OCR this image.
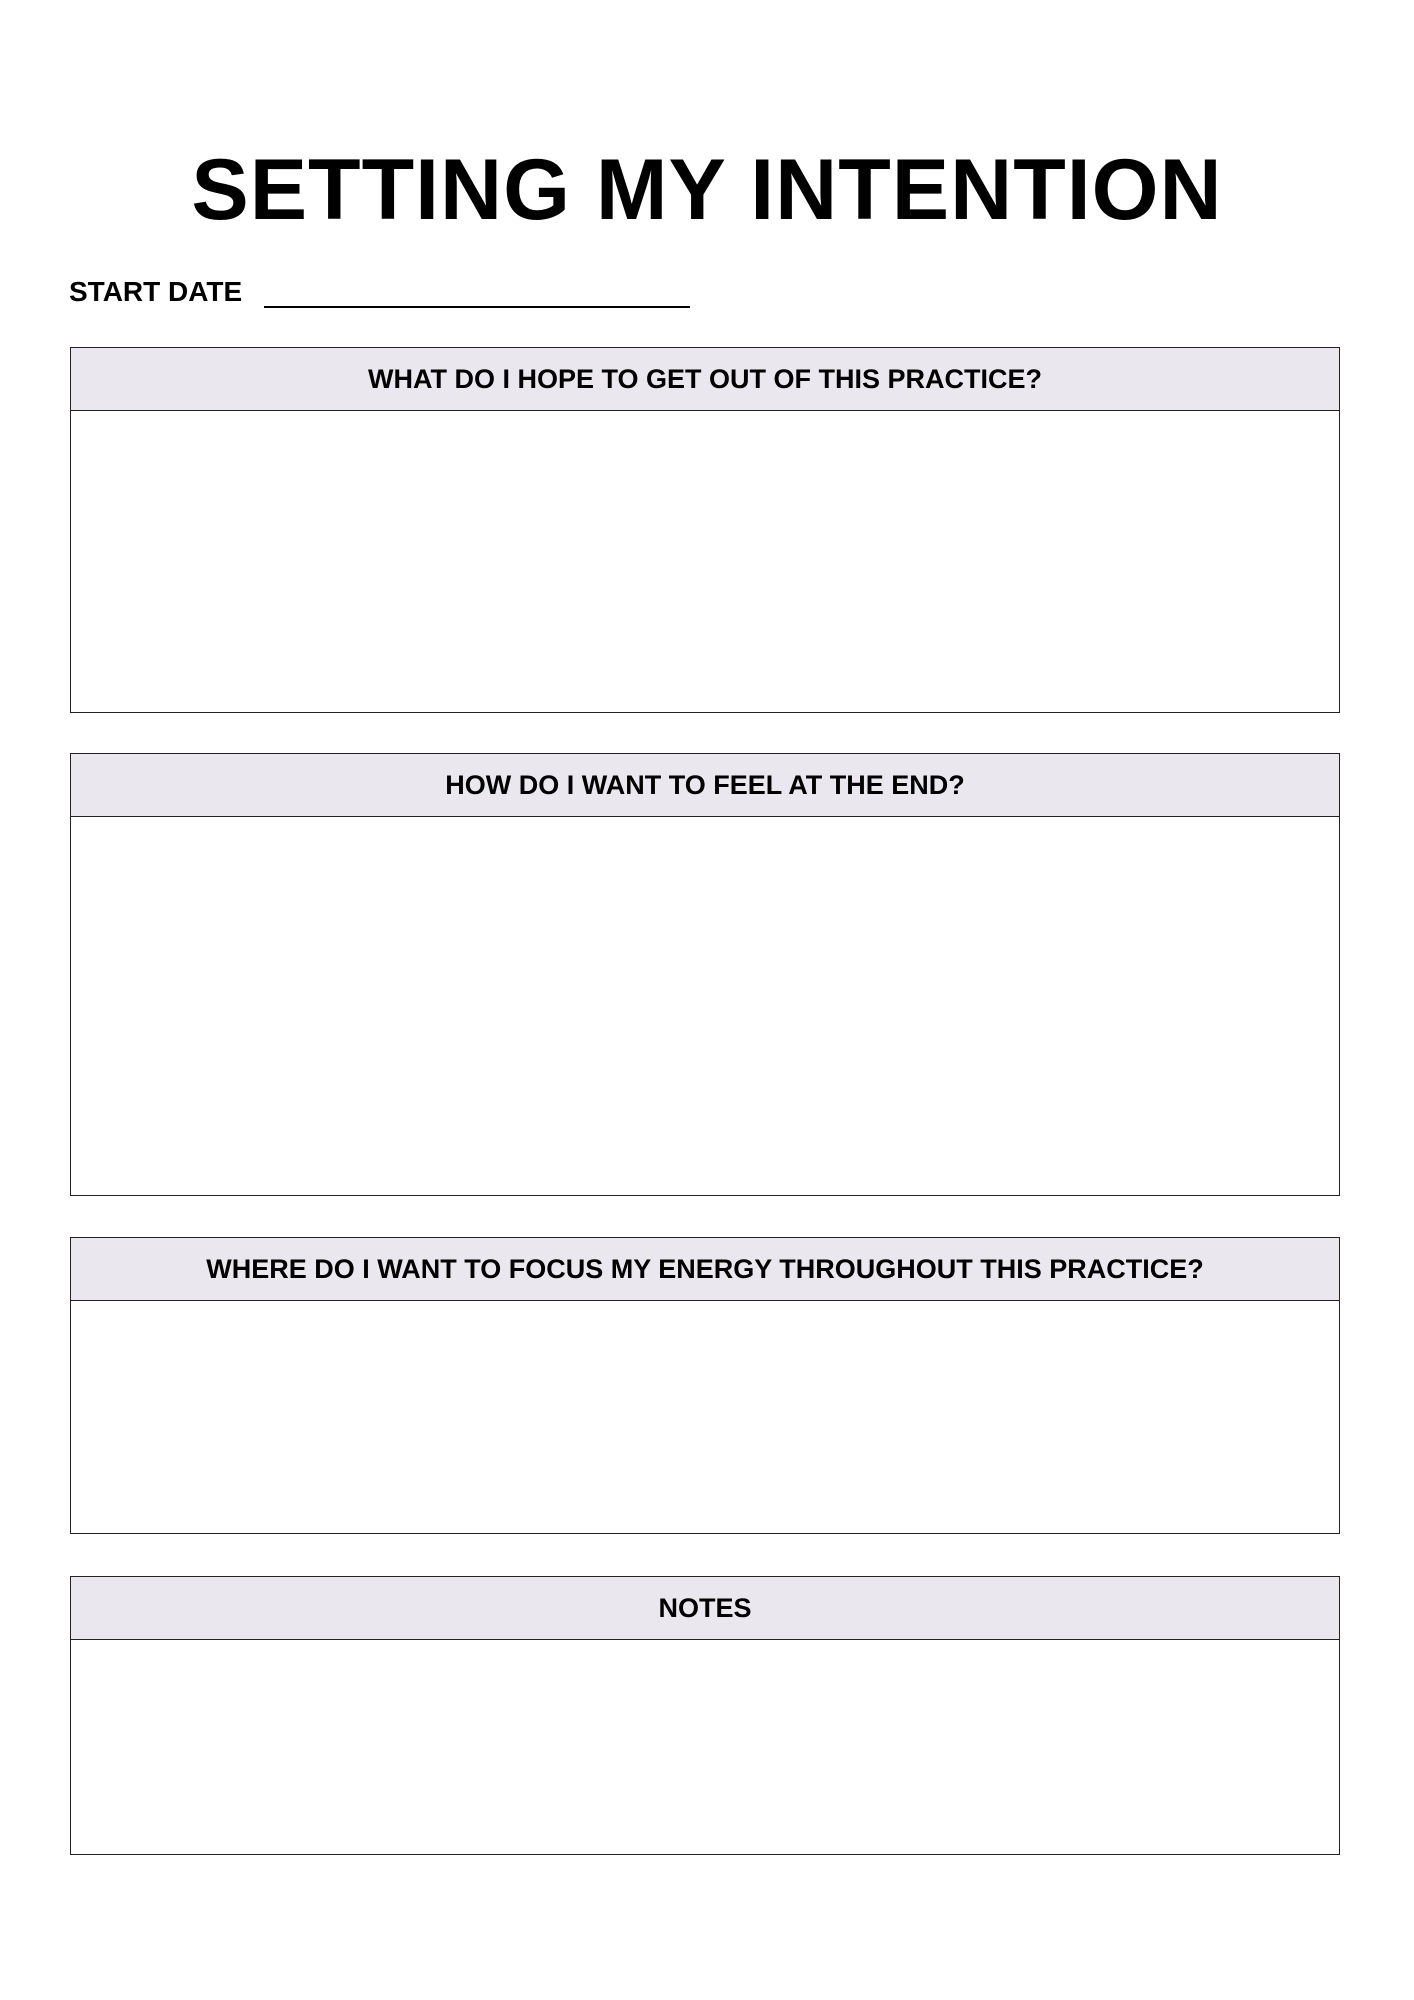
SETTING MY INTENTION
START DATE
WHAT DO I HOPE TO GET OUT OF THIS PRACTICE?
HOW DO I WANT TO FEEL AT THE END?
WHERE DO I WANT TO FOCUS MY ENERGY THROUGHOUT THIS PRACTICE?
NOTES
